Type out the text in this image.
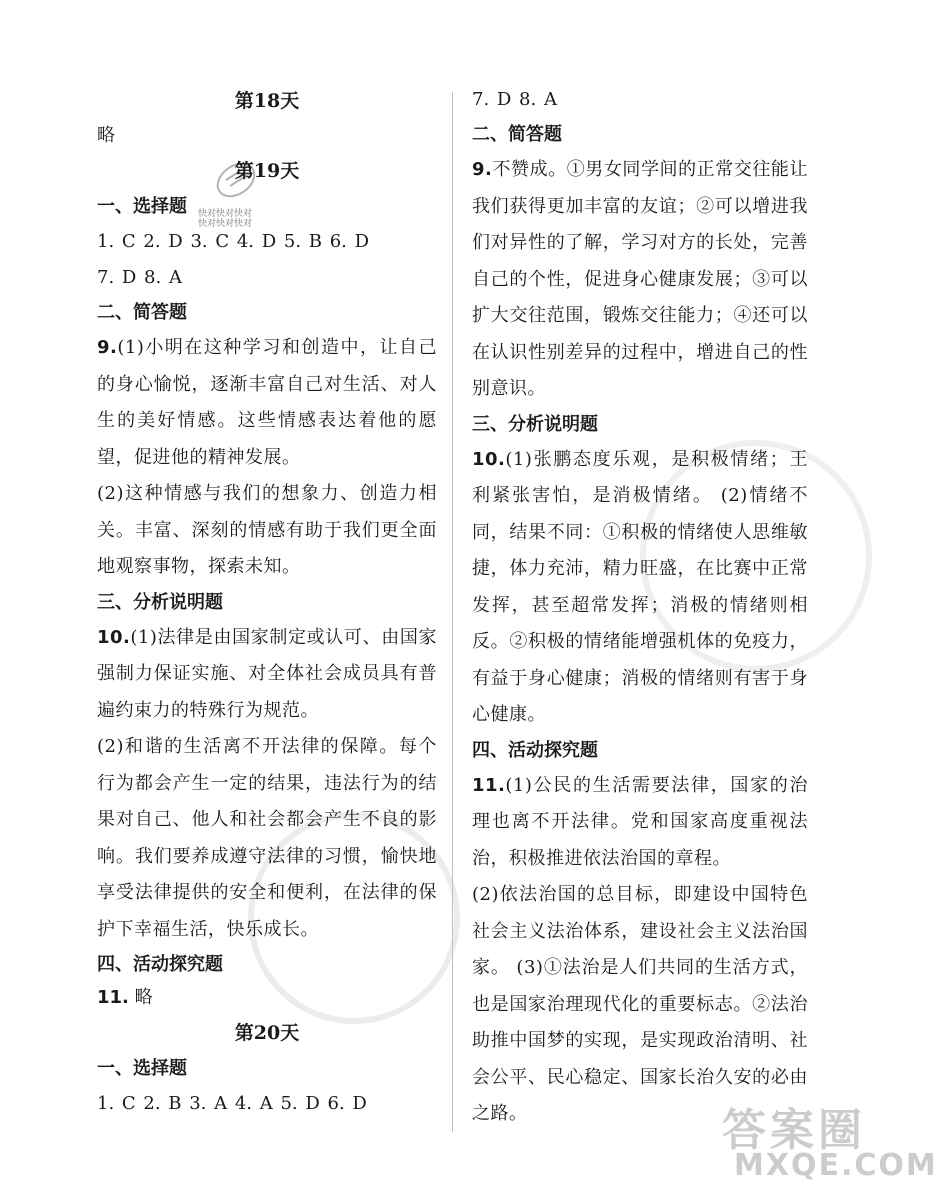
快对快对快对
快对快对快对
第18天
略
第19天
一、选择题
1. C 2. D 3. C 4. D 5. B 6. D
7. D 8. A
二、简答题

9.(1)小明在这种学习和创造中，让自己的身心愉悦，逐渐丰富自己对生活、对人生的美好情感。这些情感表达着他的愿望，促进他的精神发展。

(2)这种情感与我们的想象力、创造力相关。丰富、深刻的情感有助于我们更全面地观察事物，探索未知。

三、分析说明题

10.(1)法律是由国家制定或认可、由国家强制力保证实施、对全体社会成员具有普遍约束力的特殊行为规范。

(2)和谐的生活离不开法律的保障。每个行为都会产生一定的结果，违法行为的结果对自己、他人和社会都会产生不良的影响。我们要养成遵守法律的习惯，愉快地享受法律提供的安全和便利，在法律的保护下幸福生活，快乐成长。

四、活动探究题
11. 略
第20天
一、选择题
1. C 2. B 3. A 4. A 5. D 6. D
7. D 8. A
二、简答题

9.不赞成。①男女同学间的正常交往能让我们获得更加丰富的友谊；②可以增进我们对异性的了解，学习对方的长处，完善自己的个性，促进身心健康发展；③可以扩大交往范围，锻炼交往能力；④还可以在认识性别差异的过程中，增进自己的性别意识。

三、分析说明题

10.(1)张鹏态度乐观，是积极情绪；王利紧张害怕，是消极情绪。 (2)情绪不同，结果不同：①积极的情绪使人思维敏捷，体力充沛，精力旺盛，在比赛中正常发挥，甚至超常发挥；消极的情绪则相反。②积极的情绪能增强机体的免疫力，有益于身心健康；消极的情绪则有害于身心健康。

四、活动探究题

11.(1)公民的生活需要法律，国家的治理也离不开法律。党和国家高度重视法治，积极推进依法治国的章程。

(2)依法治国的总目标，即建设中国特色社会主义法治体系，建设社会主义法治国家。 (3)①法治是人们共同的生活方式，也是国家治理现代化的重要标志。②法治助推中国梦的实现，是实现政治清明、社会公平、民心稳定、国家长治久安的必由之路。	答案圈
MXQE.COM
